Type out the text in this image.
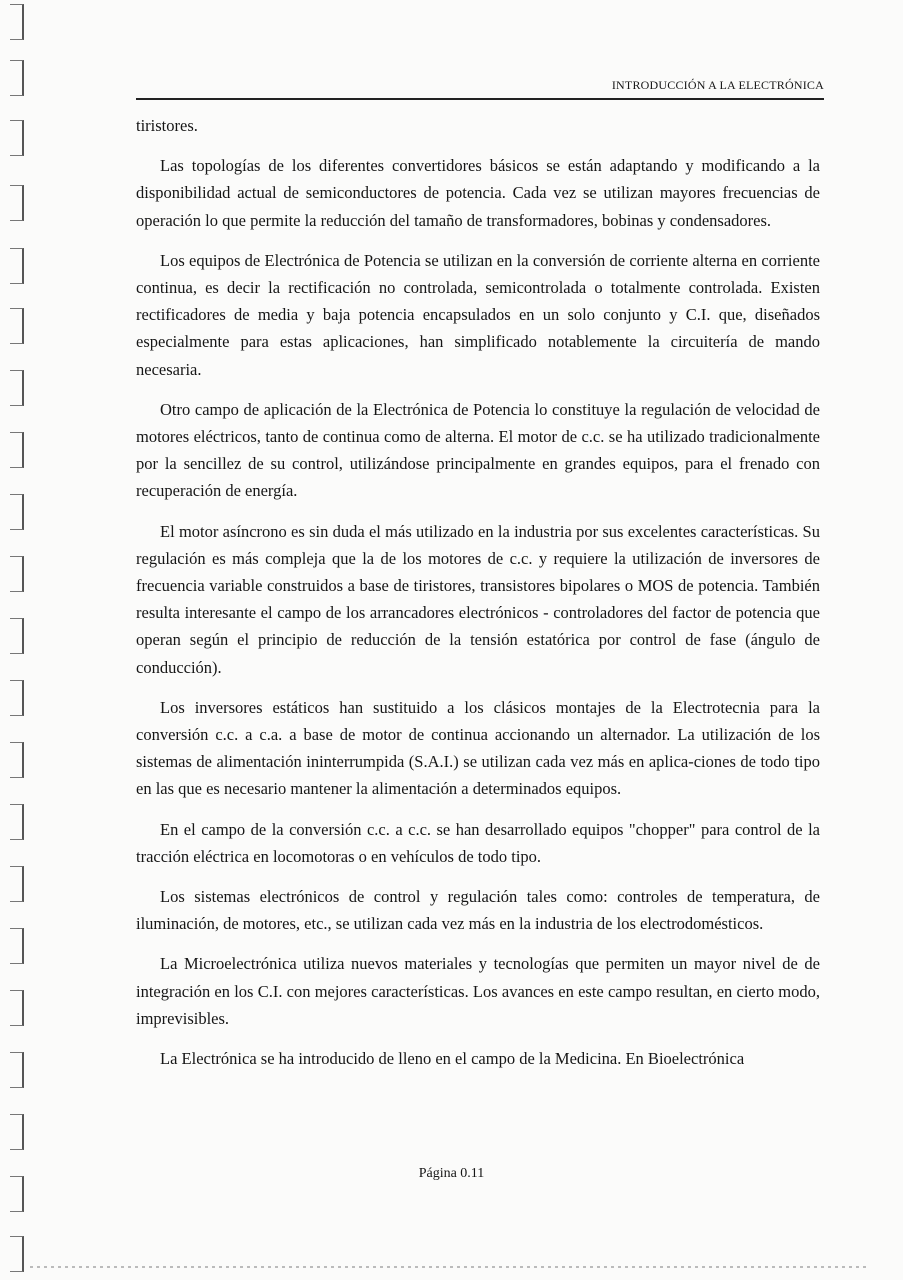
INTRODUCCIÓN A LA ELECTRÓNICA

tiristores.

Las topologías de los diferentes convertidores básicos se están adaptando y modificando a la disponibilidad actual de semiconductores de potencia. Cada vez se utilizan mayores frecuencias de operación lo que permite la reducción del tamaño de transformadores, bobinas y condensadores.

Los equipos de Electrónica de Potencia se utilizan en la conversión de corriente alterna en corriente continua, es decir la rectificación no controlada, semicontrolada o totalmente controlada. Existen rectificadores de media y baja potencia encapsulados en un solo conjunto y C.I. que, diseñados especialmente para estas aplicaciones, han simplificado notablemente la circuitería de mando necesaria.

Otro campo de aplicación de la Electrónica de Potencia lo constituye la regulación de velocidad de motores eléctricos, tanto de continua como de alterna. El motor de c.c. se ha utilizado tradicionalmente por la sencillez de su control, utilizándose principalmente en grandes equipos, para el frenado con recuperación de energía.

El motor asíncrono es sin duda el más utilizado en la industria por sus excelentes características. Su regulación es más compleja que la de los motores de c.c. y requiere la utilización de inversores de frecuencia variable construidos a base de tiristores, transistores bipolares o MOS de potencia. También resulta interesante el campo de los arrancadores electrónicos - controladores del factor de potencia que operan según el principio de reducción de la tensión estatórica por control de fase (ángulo de conducción).

Los inversores estáticos han sustituido a los clásicos montajes de la Electrotecnia para la conversión c.c. a c.a. a base de motor de continua accionando un alternador. La utilización de los sistemas de alimentación ininterrumpida (S.A.I.) se utilizan cada vez más en aplica-ciones de todo tipo en las que es necesario mantener la alimentación a determinados equipos.

En el campo de la conversión c.c. a c.c. se han desarrollado equipos "chopper" para control de la tracción eléctrica en locomotoras o en vehículos de todo tipo.

Los sistemas electrónicos de control y regulación tales como: controles de temperatura, de iluminación, de motores, etc., se utilizan cada vez más en la industria de los electrodomésticos.

La Microelectrónica utiliza nuevos materiales y tecnologías que permiten un mayor nivel de de integración en los C.I. con mejores características. Los avances en este campo resultan, en cierto modo, imprevisibles.

La Electrónica se ha introducido de lleno en el campo de la Medicina. En Bioelectrónica

Página 0.11
